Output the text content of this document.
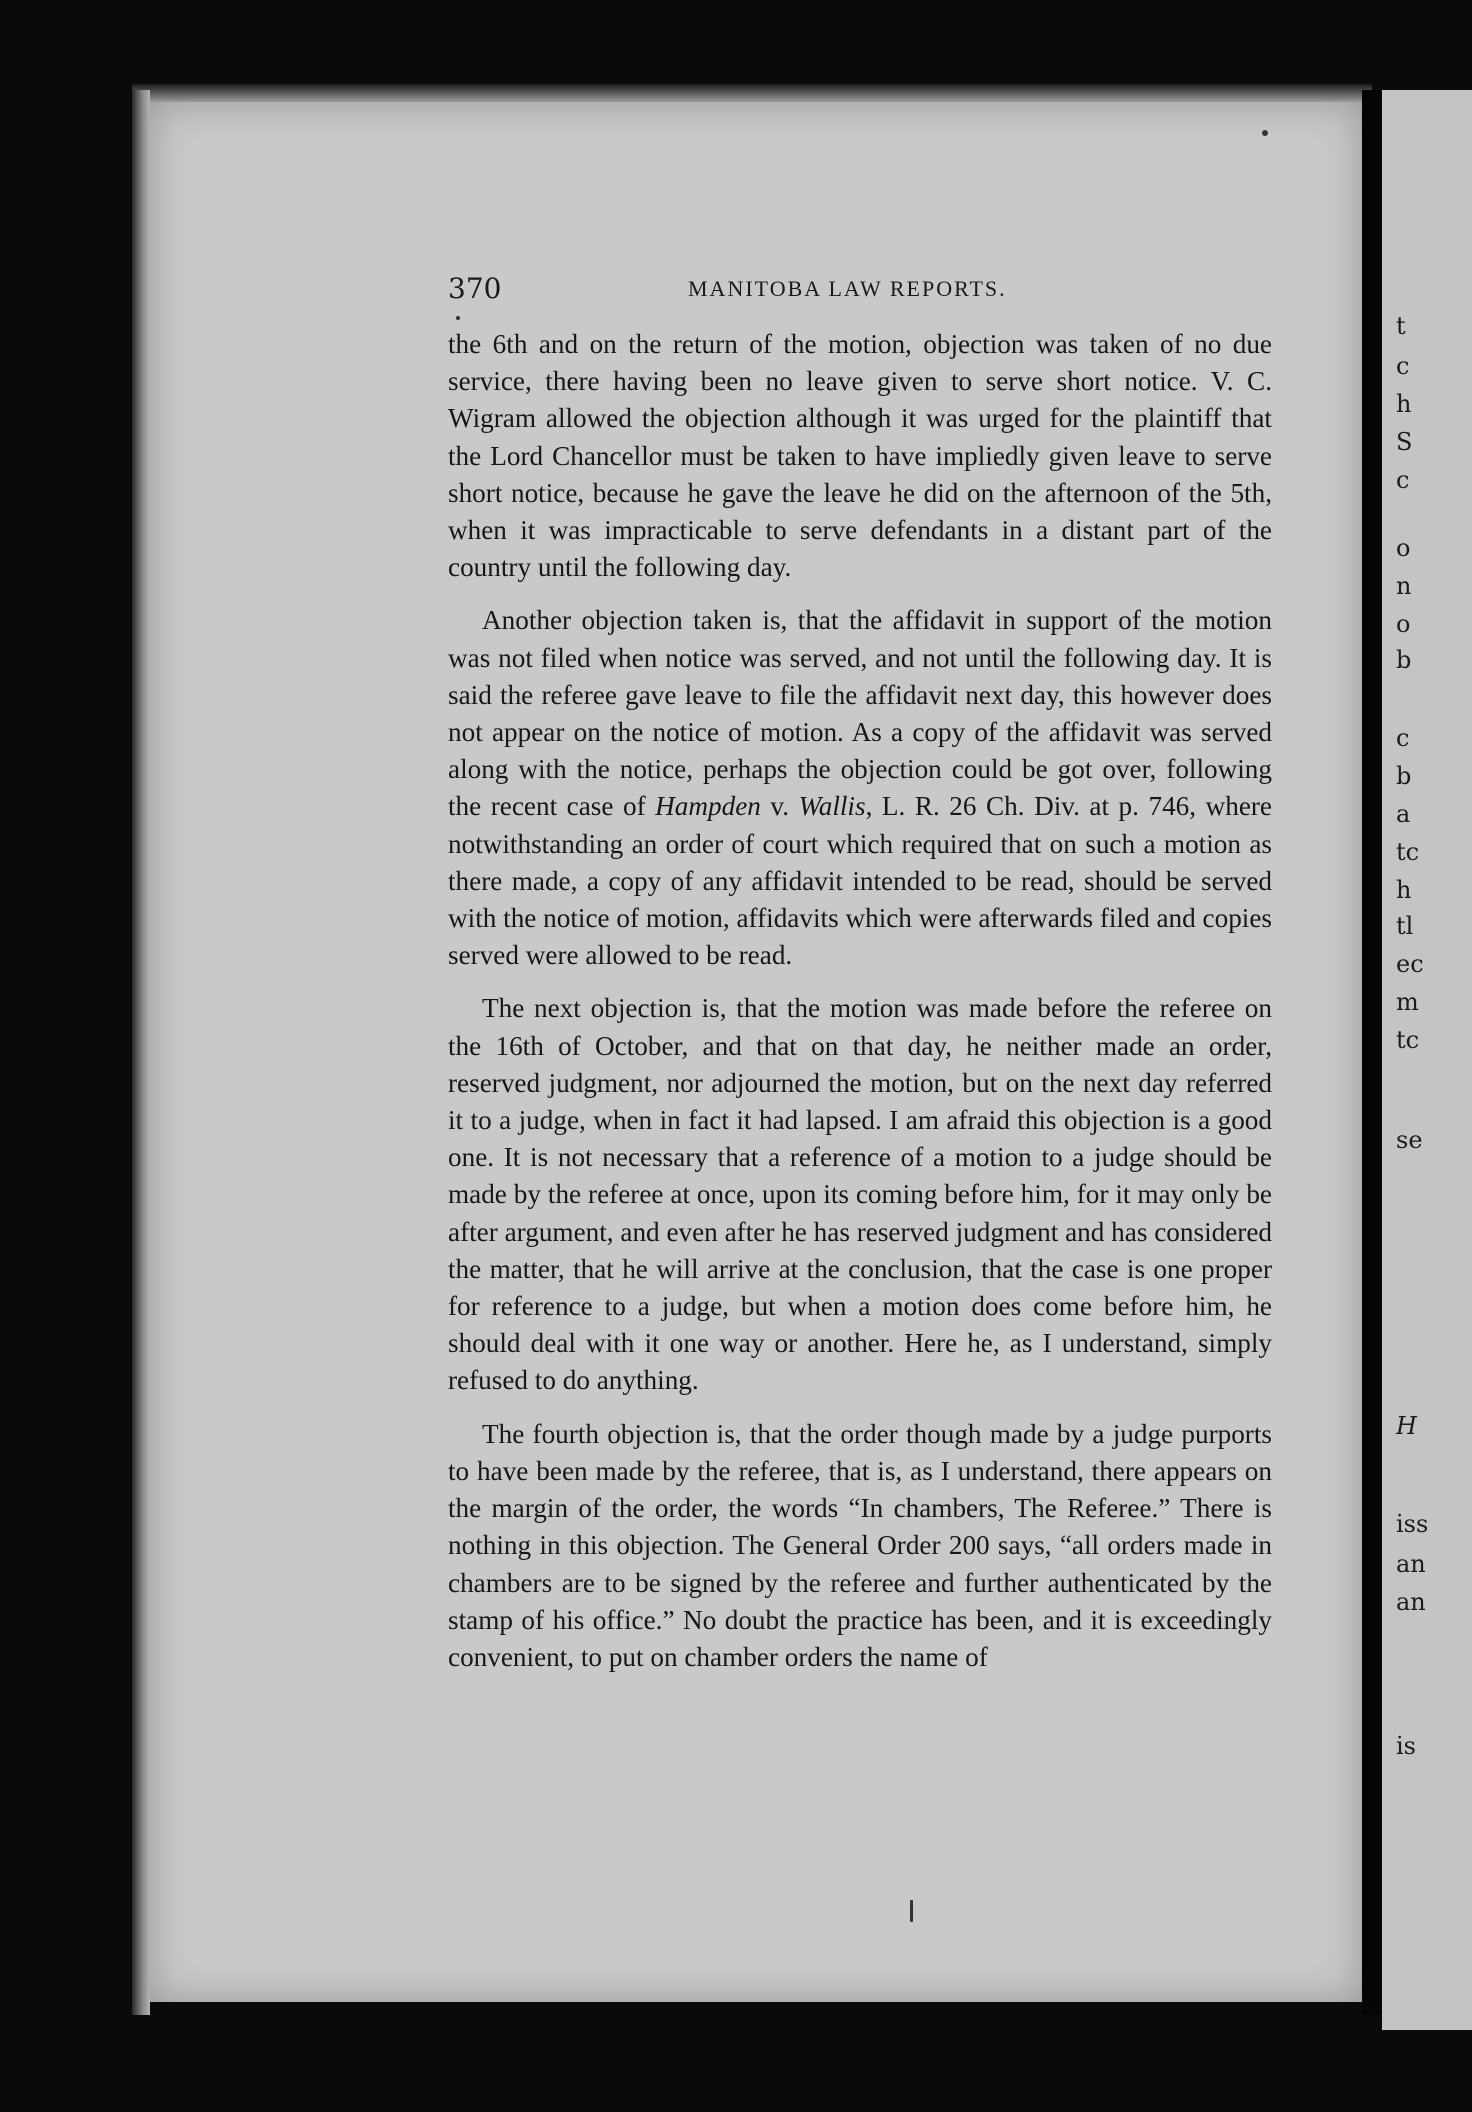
t
c
h
S
c
o
n
o
b
c
b
a
tc
h
tl
ec
m
tc
se
H
iss
an
an
is
370	MANITOBA LAW REPORTS.

the 6th and on the return of the motion, objection was taken of no due service, there having been no leave given to serve short notice. V. C. Wigram allowed the objection although it was urged for the plaintiff that the Lord Chancellor must be taken to have impliedly given leave to serve short notice, because he gave the leave he did on the afternoon of the 5th, when it was impracticable to serve defendants in a distant part of the country until the following day.

Another objection taken is, that the affidavit in support of the motion was not filed when notice was served, and not until the following day. It is said the referee gave leave to file the affidavit next day, this however does not appear on the notice of motion. As a copy of the affidavit was served along with the notice, perhaps the objection could be got over, following the recent case of Hampden v. Wallis, L. R. 26 Ch. Div. at p. 746, where notwithstanding an order of court which required that on such a motion as there made, a copy of any affidavit intended to be read, should be served with the notice of motion, affidavits which were afterwards filed and copies served were allowed to be read.

The next objection is, that the motion was made before the referee on the 16th of October, and that on that day, he neither made an order, reserved judgment, nor adjourned the motion, but on the next day referred it to a judge, when in fact it had lapsed. I am afraid this objection is a good one. It is not necessary that a reference of a motion to a judge should be made by the referee at once, upon its coming before him, for it may only be after argument, and even after he has reserved judgment and has considered the matter, that he will arrive at the conclusion, that the case is one proper for reference to a judge, but when a motion does come before him, he should deal with it one way or another. Here he, as I understand, simply refused to do anything.

The fourth objection is, that the order though made by a judge purports to have been made by the referee, that is, as I understand, there appears on the margin of the order, the words “In chambers, The Referee.” There is nothing in this objection. The General Order 200 says, “all orders made in chambers are to be signed by the referee and further authenticated by the stamp of his office.” No doubt the practice has been, and it is exceedingly convenient, to put on chamber orders the name of
